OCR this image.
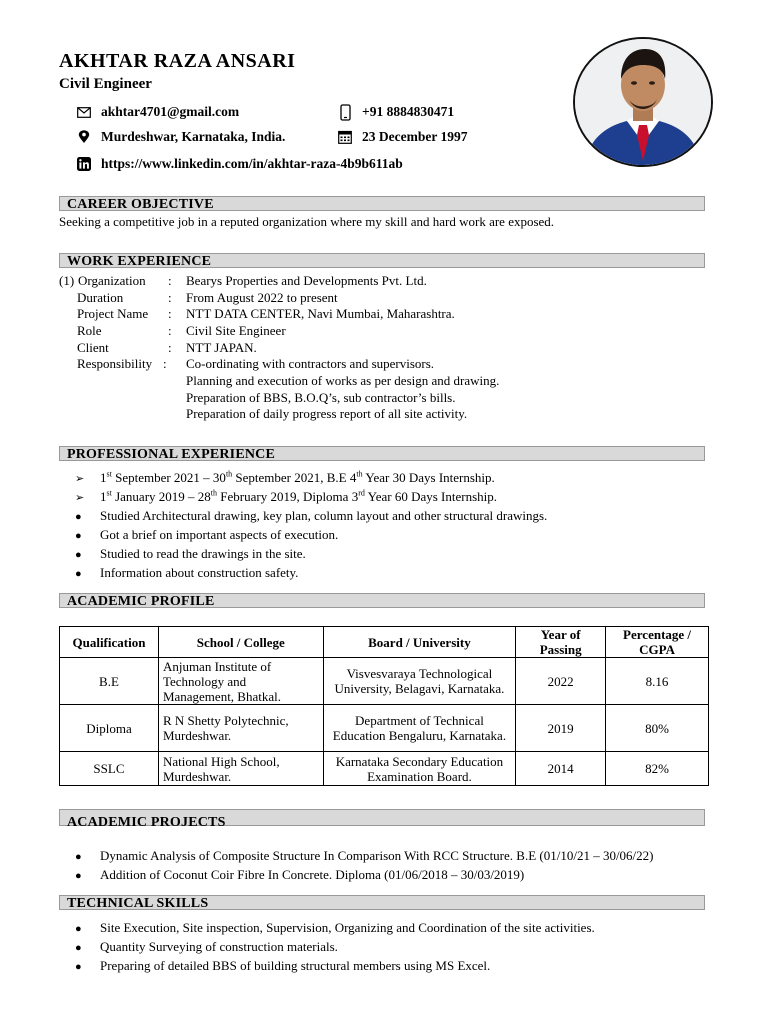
AKHTAR RAZA ANSARI
Civil Engineer
akhtar4701@gmail.com	+91 8884830471
Murdeshwar, Karnataka, India.	23 December 1997
https://www.linkedin.com/in/akhtar-raza-4b9b611ab
CAREER OBJECTIVE
Seeking a competitive job in a reputed organization where my skill and hard work are exposed.
WORK EXPERIENCE
(1) Organization : Bearys Properties and Developments Pvt. Ltd.
Duration	: From August 2022 to present
Project Name : NTT DATA CENTER, Navi Mumbai, Maharashtra.
Role	: Civil Site Engineer
Client	: NTT JAPAN.
Responsibility : Co-ordinating with contractors and supervisors.
Planning and execution of works as per design and drawing.
Preparation of BBS, B.O.Q’s, sub contractor’s bills.
Preparation of daily progress report of all site activity.
PROFESSIONAL EXPERIENCE
➢	1st September 2021 – 30th September 2021, B.E 4th Year 30 Days Internship.
➢	1st January 2019 – 28th February 2019, Diploma 3rd Year 60 Days Internship.
●	Studied Architectural drawing, key plan, column layout and other structural drawings.
●	Got a brief on important aspects of execution.
●	Studied to read the drawings in the site.
●	Information about construction safety.
ACADEMIC PROFILE
Qualification	School / College	Board / University	Year of Passing	Percentage / CGPA
B.E	Anjuman Institute of Technology and Management, Bhatkal.	Visvesvaraya Technological University, Belagavi, Karnataka.	2022	8.16
Diploma	R N Shetty Polytechnic, Murdeshwar.	Department of Technical Education Bengaluru, Karnataka.	2019	80%
SSLC	National High School, Murdeshwar.	Karnataka Secondary Education Examination Board.	2014	82%
ACADEMIC PROJECTS
●	Dynamic Analysis of Composite Structure In Comparison With RCC Structure. B.E (01/10/21 – 30/06/22)
●	Addition of Coconut Coir Fibre In Concrete. Diploma (01/06/2018 – 30/03/2019)
TECHNICAL SKILLS
●	Site Execution, Site inspection, Supervision, Organizing and Coordination of the site activities.
●	Quantity Surveying of construction materials.
●	Preparing of detailed BBS of building structural members using MS Excel.
